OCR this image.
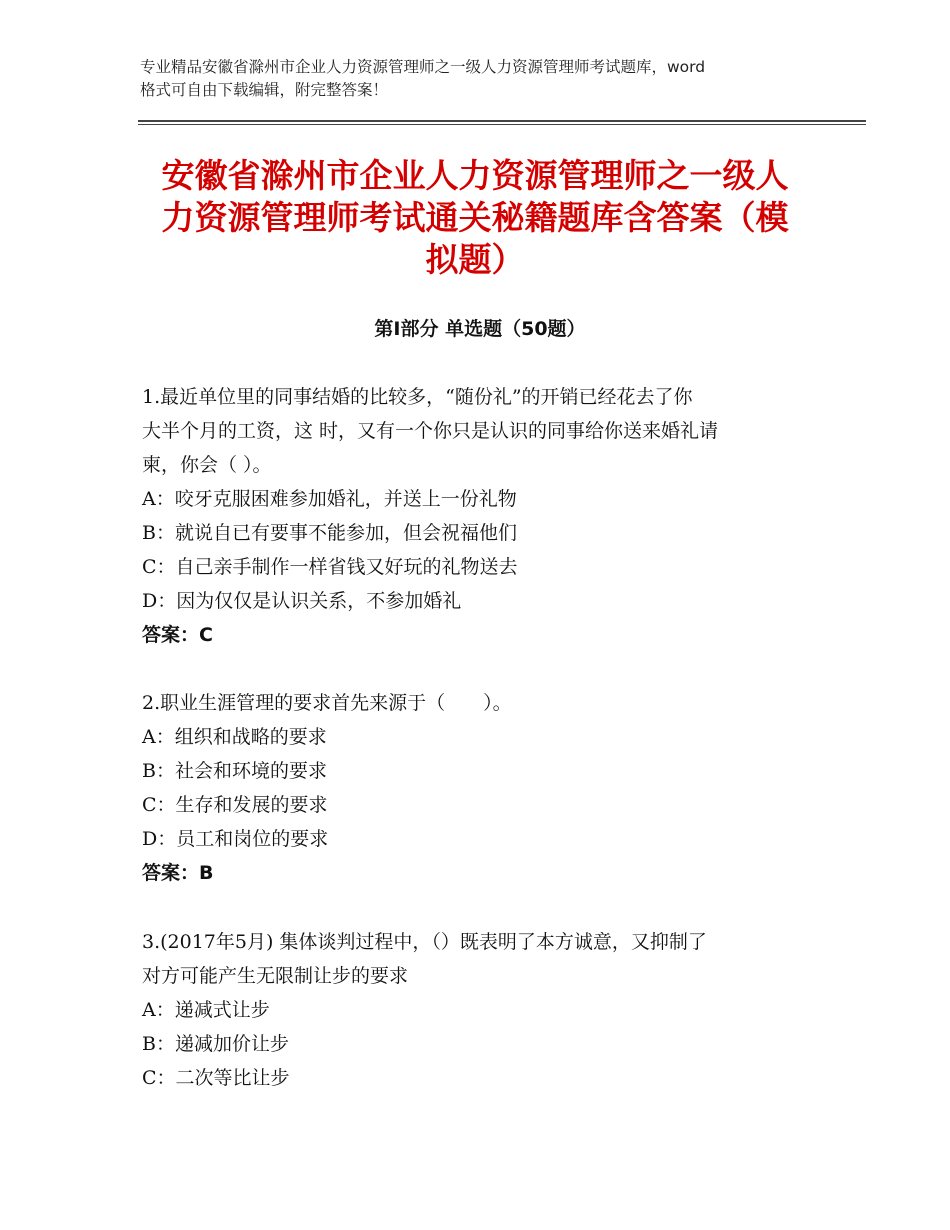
专业精品安徽省滁州市企业人力资源管理师之一级人力资源管理师考试题库，word
格式可自由下载编辑，附完整答案！
安徽省滁州市企业人力资源管理师之一级人
力资源管理师考试通关秘籍题库含答案（模
拟题）
第Ⅰ部分 单选题（50题）

1.最近单位里的同事结婚的比较多，“随份礼”的开销已经花去了你

大半个月的工资，这 时，又有一个你只是认识的同事给你送来婚礼请

柬，你会（ ）。

A：咬牙克服困难参加婚礼，并送上一份礼物

B：就说自已有要事不能参加，但会祝福他们

C：自己亲手制作一样省钱又好玩的礼物送去

D：因为仅仅是认识关系，不参加婚礼

答案：C

2.职业生涯管理的要求首先来源于（　　）。

A：组织和战略的要求

B：社会和环境的要求

C：生存和发展的要求

D：员工和岗位的要求

答案：B

3.(2017年5月) 集体谈判过程中，（）既表明了本方诚意，又抑制了

对方可能产生无限制让步的要求

A：递减式让步

B：递减加价让步

C：二次等比让步
